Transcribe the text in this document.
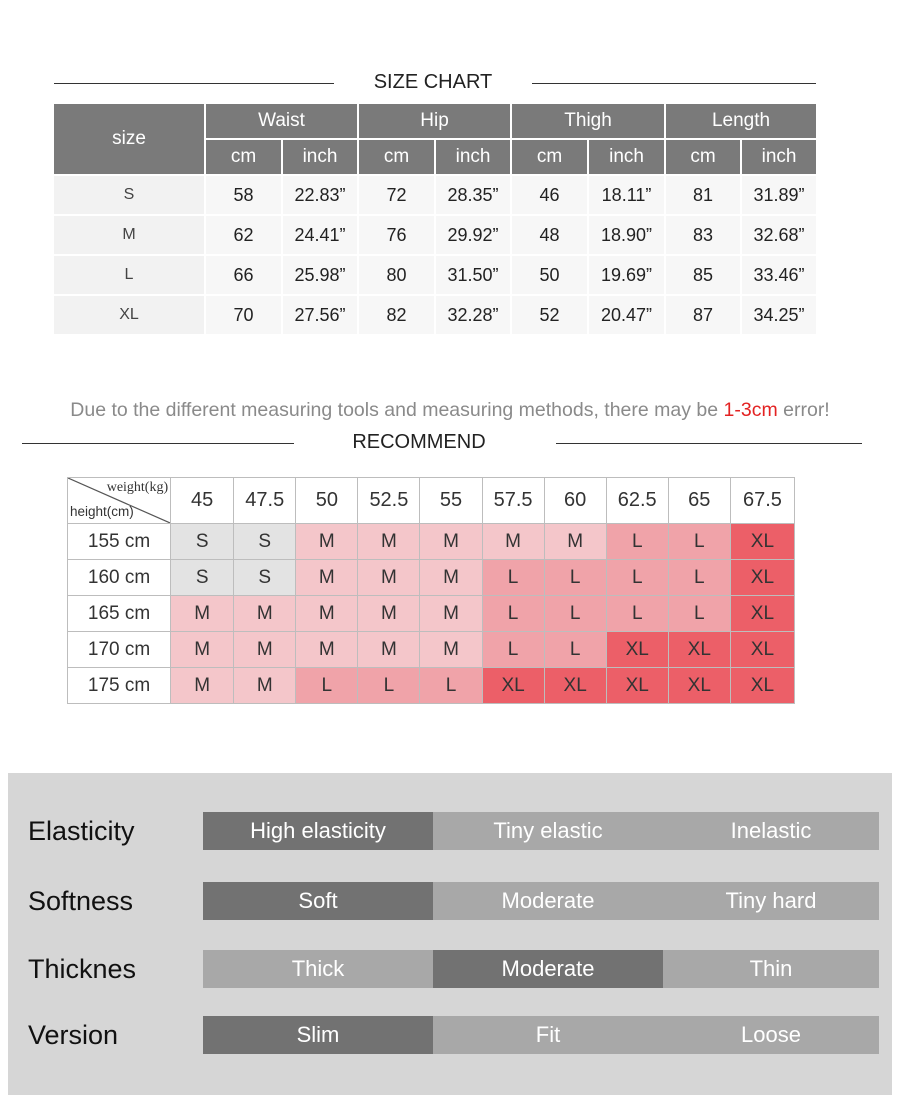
SIZE CHART
size	Waist		Hip		Thigh		Length	
	cm	inch	cm	inch	cm	inch	cm	inch
S	58	22.83”	72	28.35”	46	18.11”	81	31.89”
M	62	24.41”	76	29.92”	48	18.90”	83	32.68”
L	66	25.98”	80	31.50”	50	19.69”	85	33.46”
XL	70	27.56”	82	32.28”	52	20.47”	87	34.25”
Due to the different measuring tools and measuring methods, there may be 1-3cm error!
RECOMMEND
weight(kg)
height(cm)	45	47.5	50	52.5	55	57.5	60	62.5	65	67.5
155 cm	S	S	M	M	M	M	M	L	L	XL
160 cm	S	S	M	M	M	L	L	L	L	XL
165 cm	M	M	M	M	M	L	L	L	L	XL
170 cm	M	M	M	M	M	L	L	XL	XL	XL
175 cm	M	M	L	L	L	XL	XL	XL	XL	XL
Elasticity	High elasticity	Tiny elastic	Inelastic
Softness	Soft	Moderate	Tiny hard
Thicknes	Thick	Moderate	Thin
Version	Slim	Fit	Loose
